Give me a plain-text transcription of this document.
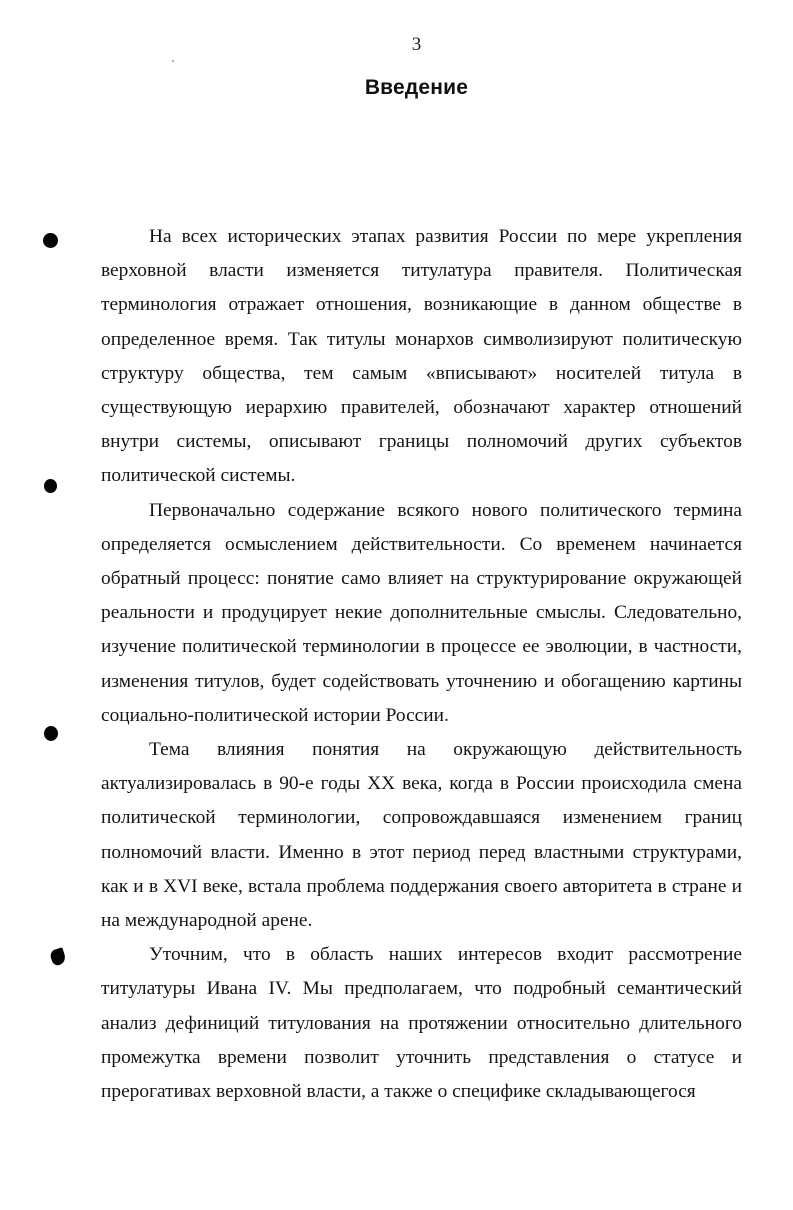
3
Введение

На всех исторических этапах развития России по мере укрепления верховной власти изменяется титулатура правителя. Политическая терминология отражает отношения, возникающие в данном обществе в определенное время. Так титулы монархов символизируют политическую структуру общества, тем самым «вписывают» носителей титула в существующую иерархию правителей, обозначают характер отношений внутри системы, описывают границы полномочий других субъектов политической системы.

Первоначально содержание всякого нового политического термина определяется осмыслением действительности. Со временем начинается обратный процесс: понятие само влияет на структурирование окружающей реальности и продуцирует некие дополнительные смыслы. Следовательно, изучение политической терминологии в процессе ее эволюции, в частности, изменения титулов, будет содействовать уточнению и обогащению картины социально-политической истории России.

Тема влияния понятия на окружающую действительность актуализировалась в 90-е годы XX века, когда в России происходила смена политической терминологии, сопровождавшаяся изменением границ полномочий власти. Именно в этот период перед властными структурами, как и в XVI веке, встала проблема поддержания своего авторитета в стране и на международной арене.

Уточним, что в область наших интересов входит рассмотрение титулатуры Ивана IV. Мы предполагаем, что подробный семантический анализ дефиниций титулования на протяжении относительно длительного промежутка времени позволит уточнить представления о статусе и прерогативах верховной власти, а также о специфике складывающегося
